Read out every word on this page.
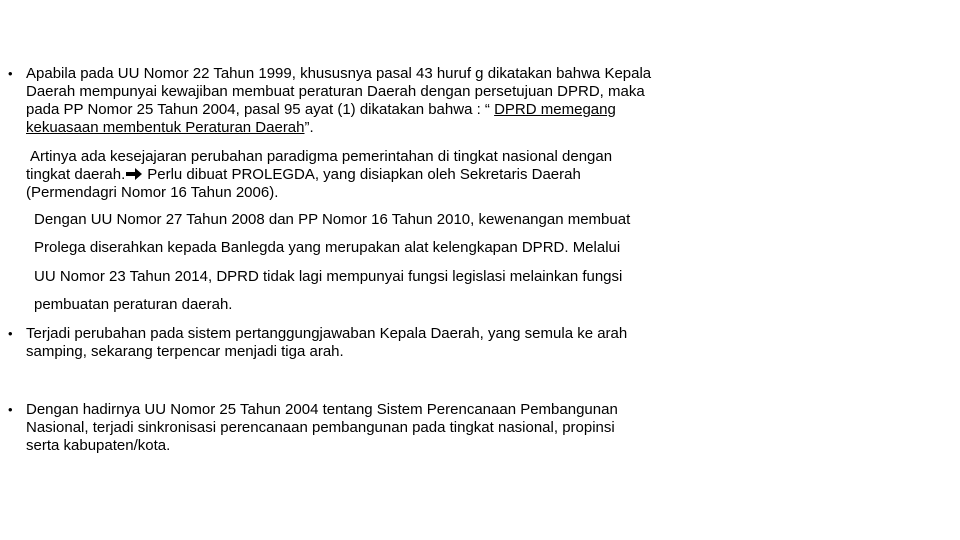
• Apabila pada UU Nomor 22 Tahun 1999, khususnya pasal 43 huruf g dikatakan bahwa Kepala
Daerah mempunyai kewajiban membuat peraturan Daerah dengan persetujuan DPRD, maka
pada PP Nomor 25 Tahun 2004, pasal 95 ayat (1) dikatakan bahwa : “ DPRD memegang
kekuasaan membentuk Peraturan Daerah”.
Artinya ada kesejajaran perubahan paradigma pemerintahan di tingkat nasional dengan
tingkat daerah. Perlu dibuat PROLEGDA, yang disiapkan oleh Sekretaris Daerah
(Permendagri Nomor 16 Tahun 2006).
Dengan UU Nomor 27 Tahun 2008 dan PP Nomor 16 Tahun 2010, kewenangan membuat
Prolega diserahkan kepada Banlegda yang merupakan alat kelengkapan DPRD. Melalui
UU Nomor 23 Tahun 2014, DPRD tidak lagi mempunyai fungsi legislasi melainkan fungsi
pembuatan peraturan daerah.
• Terjadi perubahan pada sistem pertanggungjawaban Kepala Daerah, yang semula ke arah
samping, sekarang terpencar menjadi tiga arah.
• Dengan hadirnya UU Nomor 25 Tahun 2004 tentang Sistem Perencanaan Pembangunan
Nasional, terjadi sinkronisasi perencanaan pembangunan pada tingkat nasional, propinsi
serta kabupaten/kota.
